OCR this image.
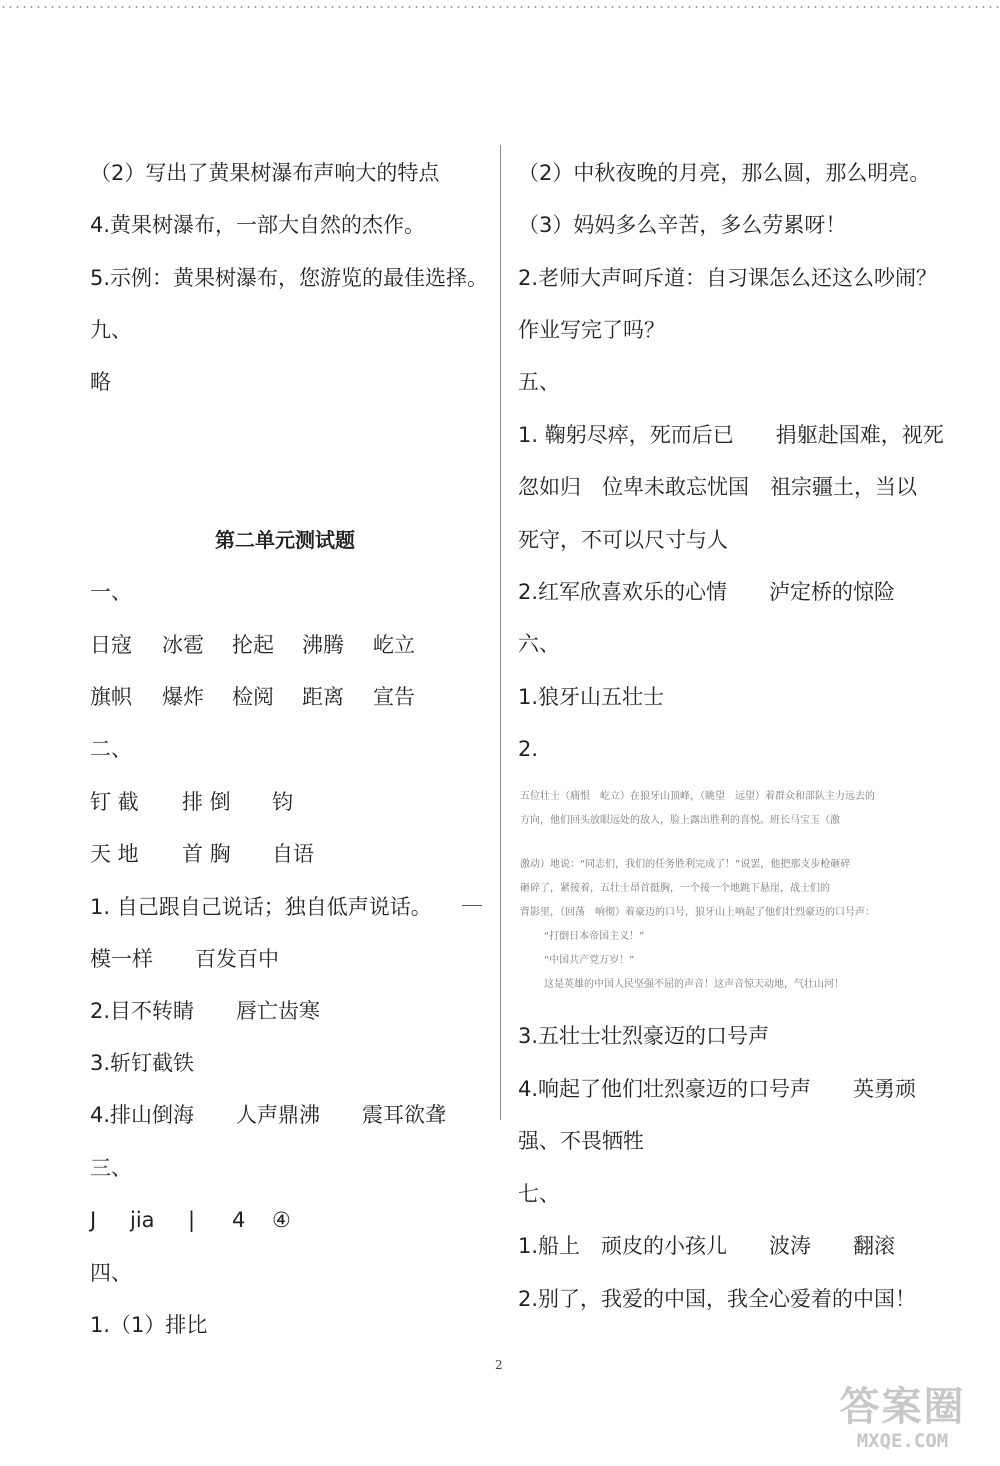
（2）写出了黄果树瀑布声响大的特点
4.黄果树瀑布，一部大自然的杰作。
5.示例：黄果树瀑布，您游览的最佳选择。
九、
略
第二单元测试题
一、
日寇 冰雹 抡起 沸腾 屹立
旗帜 爆炸 检阅 距离 宣告
二、
钉 截 排 倒 钧
天 地 首 胸 自语
1. 自己跟自己说话；独自低声说话。
模一样　　百发百中
2.目不转睛　　唇亡齿寒
3.斩钉截铁
4.排山倒海　　人声鼎沸　　震耳欲聋
三、
J jia | 4 ④
四、
1.（1）排比
（2）中秋夜晚的月亮，那么圆，那么明亮。
（3）妈妈多么辛苦，多么劳累呀！
2.老师大声呵斥道：自习课怎么还这么吵闹？
作业写完了吗？
五、
1. 鞠躬尽瘁，死而后已　　捐躯赴国难，视死
忽如归　位卑未敢忘忧国　祖宗疆土，当以
死守，不可以尺寸与人
2.红军欣喜欢乐的心情　　泸定桥的惊险
六、
1.狼牙山五壮士
2.
五位壮士（痛恨　屹立）在狼牙山顶峰，（眺望　远望）着群众和部队主力远去的
方向，他们回头放眼远处的敌人，脸上露出胜利的喜悦。班长马宝玉（激
激动）地说：“同志们，我们的任务胜利完成了！”说罢，他把那支步枪砸碎
砸碎了，紧接着，五壮士昂首挺胸，一个接一个地跳下悬崖，战士们的
背影里，（回荡　响彻）着豪迈的口号，狼牙山上响起了他们壮烈豪迈的口号声：
“打倒日本帝国主义！”
“中国共产党万岁！”
这是英雄的中国人民坚强不屈的声音！这声音惊天动地，气壮山河！
3.五壮士壮烈豪迈的口号声
4.响起了他们壮烈豪迈的口号声　　英勇顽
强、不畏牺牲
七、
1.船上　顽皮的小孩儿　　波涛　　翻滚
2.别了，我爱的中国，我全心爱着的中国！
2
答案圈
MXQE.COM
